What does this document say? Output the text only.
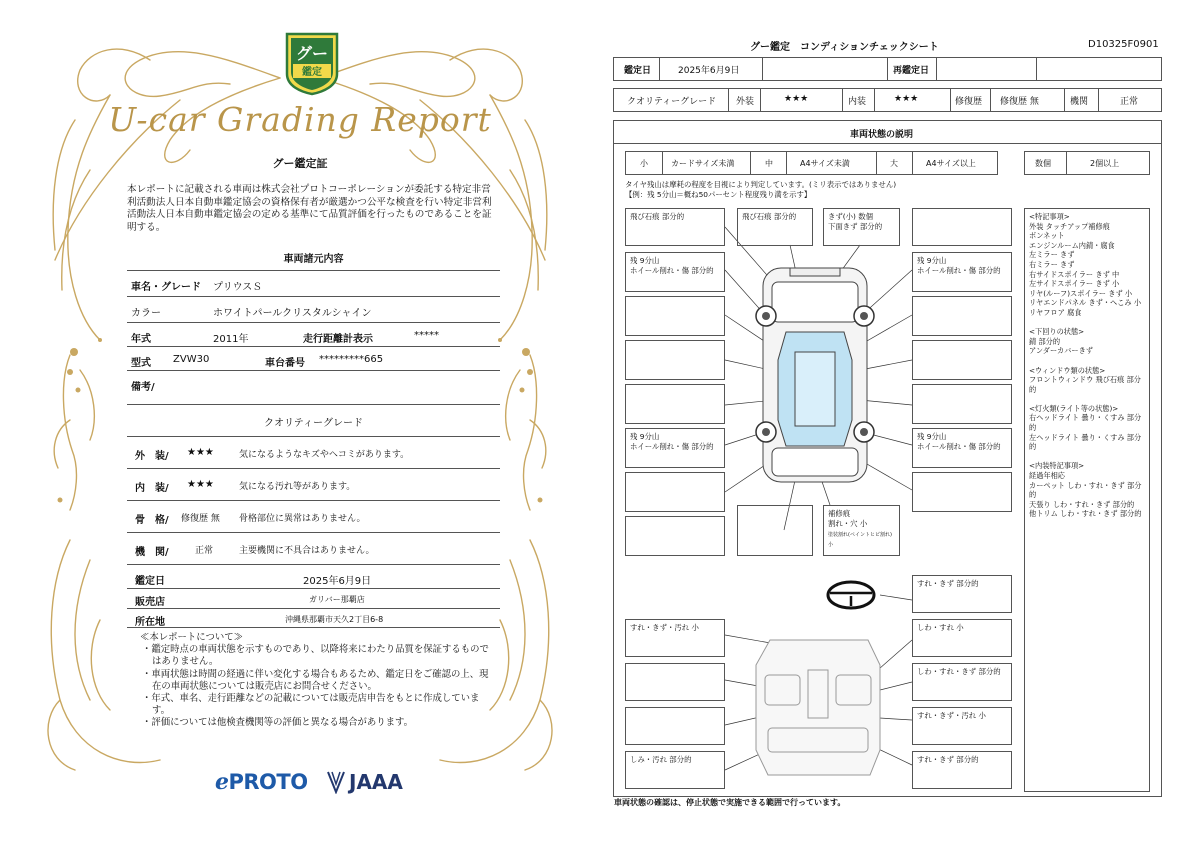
グー
鑑定
U-car Grading Report
グー鑑定証
本レポートに記載される車両は株式会社プロトコーポレーションが委託する特定非営利活動法人日本自動車鑑定協会の資格保有者が厳選かつ公平な検査を行い特定非営利活動法人日本自動車鑑定協会の定める基準にて品質評価を行ったものであることを証明する。
車両諸元内容
車名・グレード プリウスＳ
カラー	ホワイトパールクリスタルシャイン
年式	2011年	走行距離計表示	*****
型式 ZVW30	車台番号 *********665
備考/
クオリティーグレード
外　装/ ★★★	気になるようなキズやヘコミがあります。
内　装/ ★★★	気になる汚れ等があります。
骨　格/ 修復歴 無 骨格部位に異常はありません。
機　関/	正常	主要機関に不具合はありません。
鑑定日	2025年6月9日
販売店	ガリバー那覇店
所在地	沖縄県那覇市天久2丁目6-8
≪本レポートについて≫
・鑑定時点の車両状態を示すものであり、以降将来にわたり品質を保証するものではありません。
・車両状態は時間の経過に伴い変化する場合もあるため、鑑定日をご確認の上、現在の車両状態については販売店にお問合せください。
・年式、車名、走行距離などの記載については販売店申告をもとに作成しています。
・評価については他検査機関等の評価と異なる場合があります。
ℯPROTO JAAA
グー鑑定　コンディションチェックシート	D10325F0901
鑑定日	2025年6月9日	再鑑定日
クオリティーグレード 外装	★★★	内装	★★★	修復歴 修復歴 無	機関	正常
車両状態の説明
小	カードサイズ未満	中	A4サイズ未満	大	A4サイズ以上	数個	2個以上
タイヤ残山は摩耗の程度を目視により判定しています。(ミリ表示ではありません)
【例：残 5分山＝概ね50パーセント程度残り満を示す】
飛び石痕 部分的	飛び石痕 部分的	きず(小) 数個
下面きず 部分的
残 9分山
ホイール削れ・傷 部分的
残 9分山
ホイール削れ・傷 部分的
残 9分山
ホイール削れ・傷 部分的
残 9分山
ホイール削れ・傷 部分的
補修痕
割れ・穴 小
塗装割れ(ペイントヒビ割れ) 小
すれ・きず 部分的
すれ・きず・汚れ 小	しわ・すれ 小
しわ・すれ・きず 部分的
すれ・きず・汚れ 小
しみ・汚れ 部分的	すれ・きず 部分的
<特記事項>
外装 タッチアップ補修痕
ボンネット
エンジンルーム内錆・腐食
左ミラー きず
右ミラー きず
右サイドスポイラー きず 中
左サイドスポイラー きず 小
リヤ(ルーフ)スポイラー きず 小
リヤエンドパネル きず・へこみ 小
リヤフロア 腐食
<下回りの状態>
錆 部分的
アンダーカバーきず
<ウィンドウ類の状態>
フロントウィンドウ 飛び石痕 部分的
<灯火類(ライト等の状態)>
右ヘッドライト 曇り・くすみ 部分的
左ヘッドライト 曇り・くすみ 部分的
<内装特記事項>
経過年相応
カーペット しわ・すれ・きず 部分的
天張り しわ・すれ・きず 部分的
他トリム しわ・すれ・きず 部分的
車両状態の確認は、停止状態で実施できる範囲で行っています。
